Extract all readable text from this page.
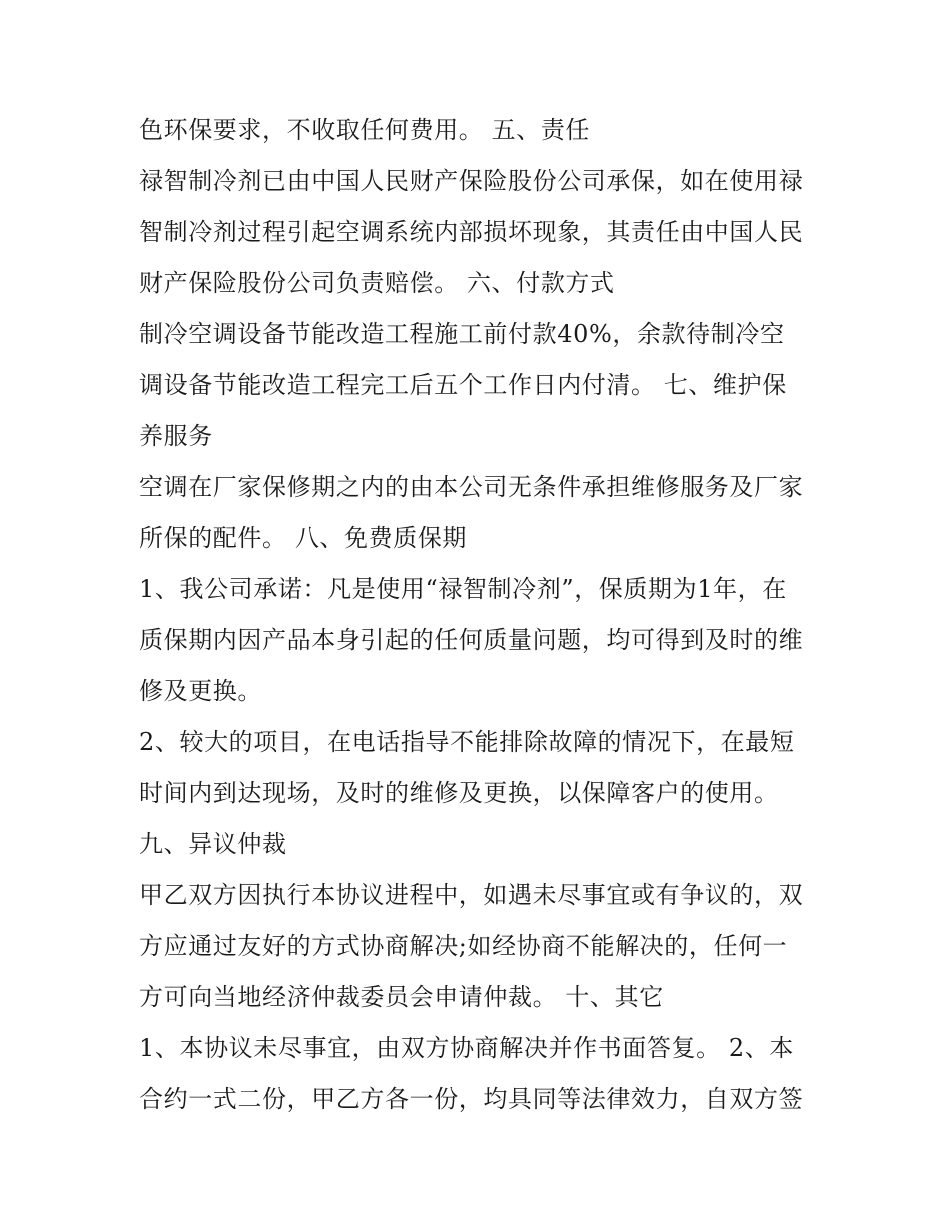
色环保要求，不收取任何费用。 五、责任
禄智制冷剂已由中国人民财产保险股份公司承保，如在使用禄
智制冷剂过程引起空调系统内部损坏现象，其责任由中国人民
财产保险股份公司负责赔偿。 六、付款方式
制冷空调设备节能改造工程施工前付款40%，余款待制冷空
调设备节能改造工程完工后五个工作日内付清。 七、维护保
养服务
空调在厂家保修期之内的由本公司无条件承担维修服务及厂家
所保的配件。 八、免费质保期
1、我公司承诺：凡是使用“禄智制冷剂”，保质期为1年，在
质保期内因产品本身引起的任何质量问题，均可得到及时的维
修及更换。
2、较大的项目，在电话指导不能排除故障的情况下，在最短
时间内到达现场，及时的维修及更换，以保障客户的使用。
九、异议仲裁
甲乙双方因执行本协议进程中，如遇未尽事宜或有争议的，双
方应通过友好的方式协商解决;如经协商不能解决的，任何一
方可向当地经济仲裁委员会申请仲裁。 十、其它
1、本协议未尽事宜，由双方协商解决并作书面答复。 2、本
合约一式二份，甲乙方各一份，均具同等法律效力，自双方签
